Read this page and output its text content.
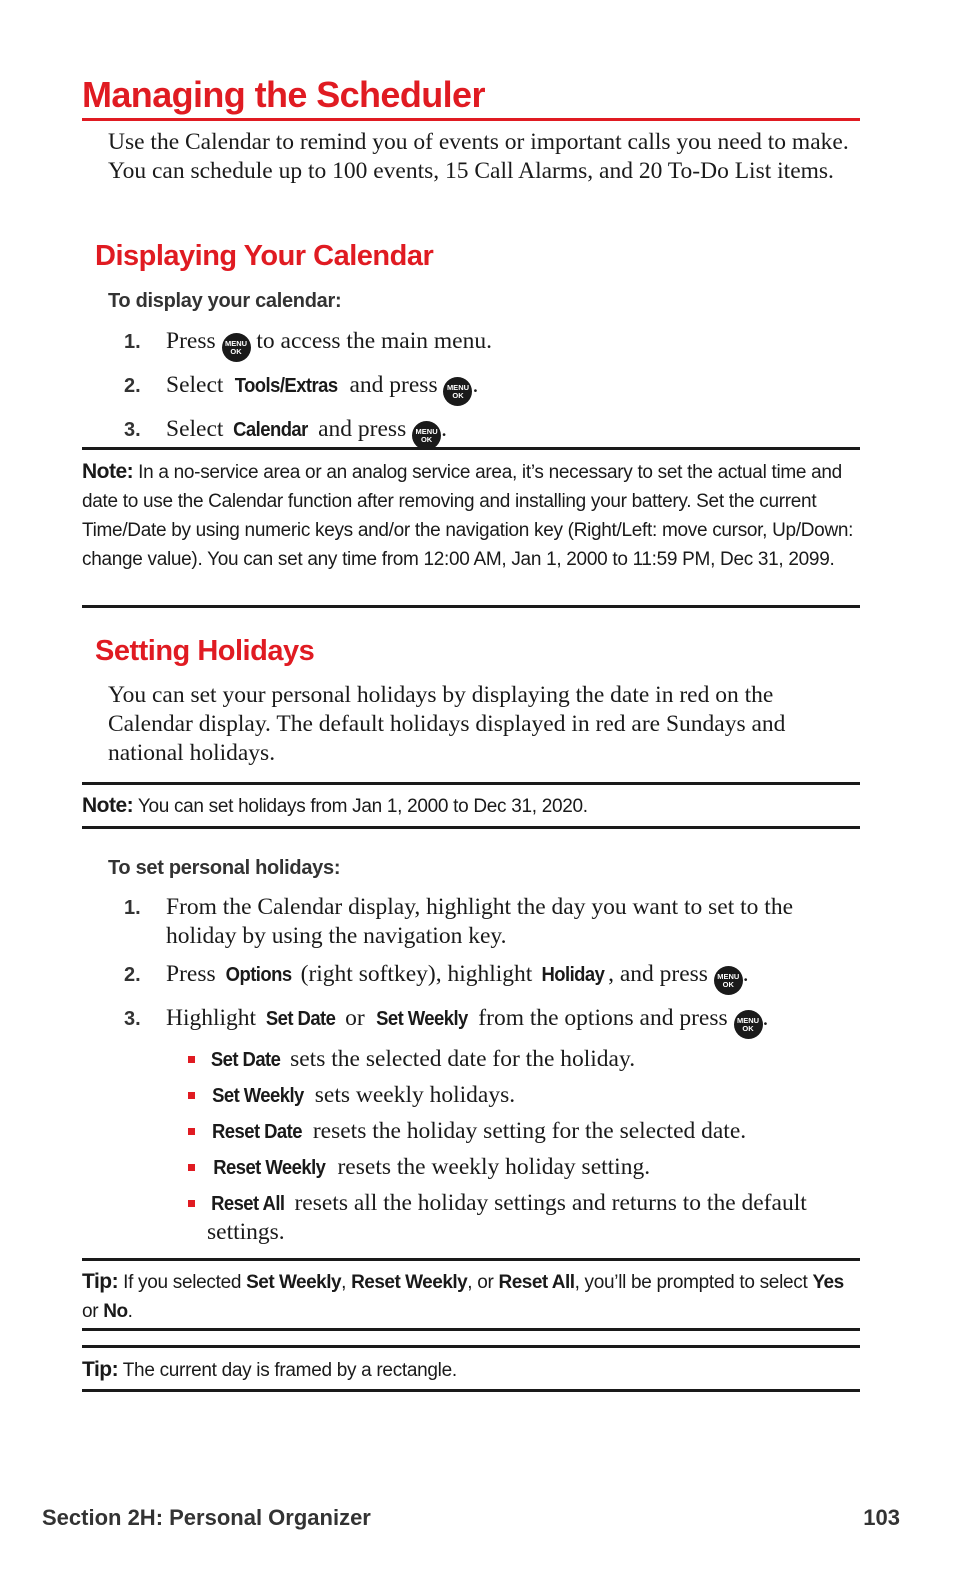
Managing the Scheduler
Use the Calendar to remind you of events or important calls you need to make. You can schedule up to 100 events, 15 Call Alarms, and 20 To-Do List items.
Displaying Your Calendar
To display your calendar:
1. Press MENU
OK to access the main menu.
2. Select Tools/Extras and press MENU
OK .
3. Select Calendar and press MENU
OK .
Note: In a no-service area or an analog service area, it’s necessary to set the actual time and date to use the Calendar function after removing and installing your battery. Set the current Time/Date by using numeric keys and/or the navigation key (Right/Left: move cursor, Up/Down: change value). You can set any time from 12:00 AM, Jan 1, 2000 to 11:59 PM, Dec 31, 2099.
Setting Holidays
You can set your personal holidays by displaying the date in red on the Calendar display. The default holidays displayed in red are Sundays and national holidays.
Note: You can set holidays from Jan 1, 2000 to Dec 31, 2020.
To set personal holidays:
1. From the Calendar display, highlight the day you want to set to the holiday by using the navigation key.
2. Press Options (right softkey), highlight Holiday , and press MENU
OK .
3. Highlight Set Date or Set Weekly from the options and press MENU
OK .
Set Date sets the selected date for the holiday.
Set Weekly sets weekly holidays.
Reset Date resets the holiday setting for the selected date.
Reset Weekly resets the weekly holiday setting.
Reset All resets all the holiday settings and returns to the default settings.
Tip: If you selected Set Weekly, Reset Weekly, or Reset All, you’ll be prompted to select Yes or No.
Tip: The current day is framed by a rectangle.
Section 2H: Personal Organizer	103
